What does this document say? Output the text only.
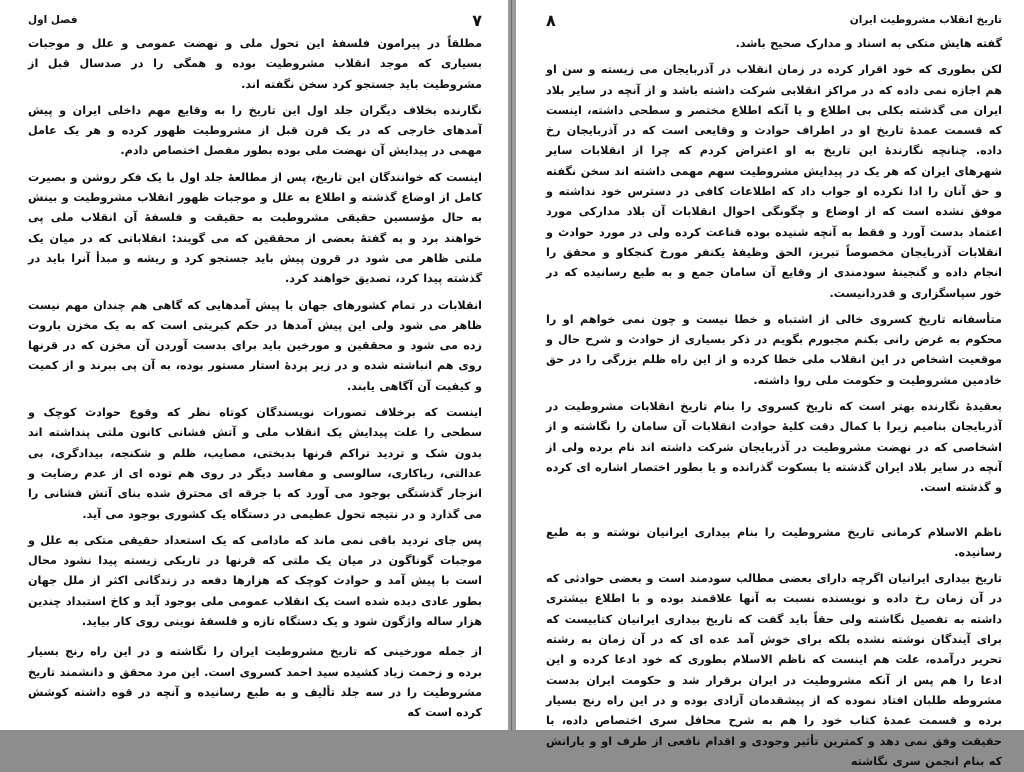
۷
فصل اول

مطلقاً در پیرامون فلسفهٔ این تحول ملی و نهضت عمومی و علل و موجبات بسیاری که موجد انقلاب مشروطیت بوده و همگی را در صدسال قبل از مشروطیت باید جستجو کرد سخن نگفته اند.

نگارنده بخلاف دیگران جلد اول این تاریخ را به وقایع مهم داخلی ایران و پیش آمدهای خارجی که در یک قرن قبل از مشروطیت ظهور کرده و هر یک عامل مهمی در پیدایش آن نهضت ملی بوده بطور مفصل اختصاص دادم.

اینست که خوانندگان این تاریخ، پس از مطالعهٔ جلد اول با یک فکر روشن و بصیرت کامل از اوضاع گذشته و اطلاع به علل و موجبات ظهور انقلاب مشروطیت و بینش به حال مؤسسین حقیقی مشروطیت به حقیقت و فلسفهٔ آن انقلاب ملی پی خواهند برد و به گفتهٔ بعضی از محققین که می گویند: انقلاباتی که در میان یک ملتی ظاهر می شود در قرون پیش باید جستجو کرد و ریشه و مبدأ آنرا باید در گذشته پیدا کرد، تصدیق خواهند کرد.

انقلابات در تمام کشورهای جهان با پیش آمدهایی که گاهی هم چندان مهم نیست ظاهر می شود ولی این پیش آمدها در حکم کبریتی است که به یک مخزن باروت زده می شود و محققین و مورخین باید برای بدست آوردن آن مخزن که در قرنها روی هم انباشته شده و در زیر پردهٔ استار مستور بوده، به آن پی ببرند و از کمیت و کیفیت آن آگاهی یابند.

اینست که برخلاف تصورات نویسندگان کوتاه نظر که وقوع حوادث کوچک و سطحی را علت پیدایش یک انقلاب ملی و آتش فشانی کانون ملتی پنداشته اند بدون شک و تردید تراکم قرنها بدبختی، مصایب، ظلم و شکنجه، بیدادگری، بی عدالتی، ریاکاری، سالوسی و مفاسد دیگر در روی هم توده ای از عدم رضایت و انزجار گذشتگی بوجود می آورد که با جرقه ای محترق شده بنای آتش فشانی را می گذارد و در نتیجه تحول عظیمی در دستگاه یک کشوری بوجود می آید.

پس جای تردید باقی نمی ماند که مادامی که یک استعداد حقیقی متکی به علل و موجبات گوناگون در میان یک ملتی که قرنها در تاریکی زیسته پیدا نشود محال است با پیش آمد و حوادث کوچک که هزارها دفعه در زندگانی اکثر از ملل جهان بطور عادی دیده شده است یک انقلاب عمومی ملی بوجود آید و کاخ استبداد چندین هزار ساله واژگون شود و یک دستگاه تازه و فلسفهٔ نوینی روی کار بیاید.

از جمله مورخینی که تاریخ مشروطیت ایران را نگاشته و در این راه رنج بسیار برده و زحمت زیاد کشیده سید احمد کسروی است. این مرد محقق و دانشمند تاریخ مشروطیت را در سه جلد تألیف و به طبع رسانیده و آنچه در قوه داشته کوشش کرده است که

تاریخ انقلاب مشروطیت ایران
۸

گفته هایش متکی به اسناد و مدارک صحیح باشد.

لکن بطوری که خود اقرار کرده در زمان انقلاب در آذربایجان می زیسته و سن او هم اجازه نمی داده که در مراکز انقلابی شرکت داشته باشد و از آنچه در سایر بلاد ایران می گذشته بکلی بی اطلاع و یا آنکه اطلاع مختصر و سطحی داشته، اینست که قسمت عمدهٔ تاریخ او در اطراف حوادث و وقایعی است که در آذربایجان رخ داده. چنانچه نگارندهٔ این تاریخ به او اعتراض کردم که چرا از انقلابات سایر شهرهای ایران که هر یک در پیدایش مشروطیت سهم مهمی داشته اند سخن نگفته و حق آنان را ادا نکرده او جواب داد که اطلاعات کافی در دسترس خود نداشته و موفق نشده است که از اوضاع و چگونگی احوال انقلابات آن بلاد مدارکی مورد اعتماد بدست آورد و فقط به آنچه شنیده بوده قناعت کرده ولی در مورد حوادث و انقلابات آذربایجان مخصوصاً تبریز، الحق وظیفهٔ یکنفر مورخ کنجکاو و محقق را انجام داده و گنجینهٔ سودمندی از وقایع آن سامان جمع و به طبع رسانیده که در خور سپاسگزاری و قدردانیست.

متأسفانه تاریخ کسروی خالی از اشتباه و خطا نیست و چون نمی خواهم او را محکوم به غرض رانی بکنم مجبورم بگویم در ذکر بسیاری از حوادث و شرح حال و موقعیت اشخاص در این انقلاب ملی خطا کرده و از این راه ظلم بزرگی را در حق خادمین مشروطیت و حکومت ملی روا داشته.

بعقیدهٔ نگارنده بهتر است که تاریخ کسروی را بنام تاریخ انقلابات مشروطیت در آذربایجان بنامیم زیرا با کمال دقت کلیهٔ حوادث انقلابات آن سامان را نگاشته و از اشخاصی که در نهضت مشروطیت در آذربایجان شرکت داشته اند نام برده ولی از آنچه در سایر بلاد ایران گذشته یا بسکوت گذرانده و یا بطور اختصار اشاره ای کرده و گذشته است.

ناظم الاسلام کرمانی تاریخ مشروطیت را بنام بیداری ایرانیان نوشته و به طبع رسانیده.

تاریخ بیداری ایرانیان اگرچه دارای بعضی مطالب سودمند است و بعضی حوادثی که در آن زمان رخ داده و نویسنده نسبت به آنها علاقمند بوده و با اطلاع بیشتری داشته به تفصیل نگاشته ولی حقاً باید گفت که تاریخ بیداری ایرانیان کتابیست که برای آیندگان نوشته نشده بلکه برای خوش آمد عده ای که در آن زمان به رشته تحریر درآمده، علت هم اینست که ناظم الاسلام بطوری که خود ادعا کرده و این ادعا را هم پس از آنکه مشروطیت در ایران برقرار شد و حکومت ایران بدست مشروطه طلبان افتاد نموده که از پیشقدمان آزادی بوده و در این راه رنج بسیار برده و قسمت عمدهٔ کتاب خود را هم به شرح محافل سری اختصاص داده، با حقیقت وفق نمی دهد و کمترین تأثیر وجودی و اقدام نافعی از طرف او و یارانش که بنام انجمن سری نگاشته
